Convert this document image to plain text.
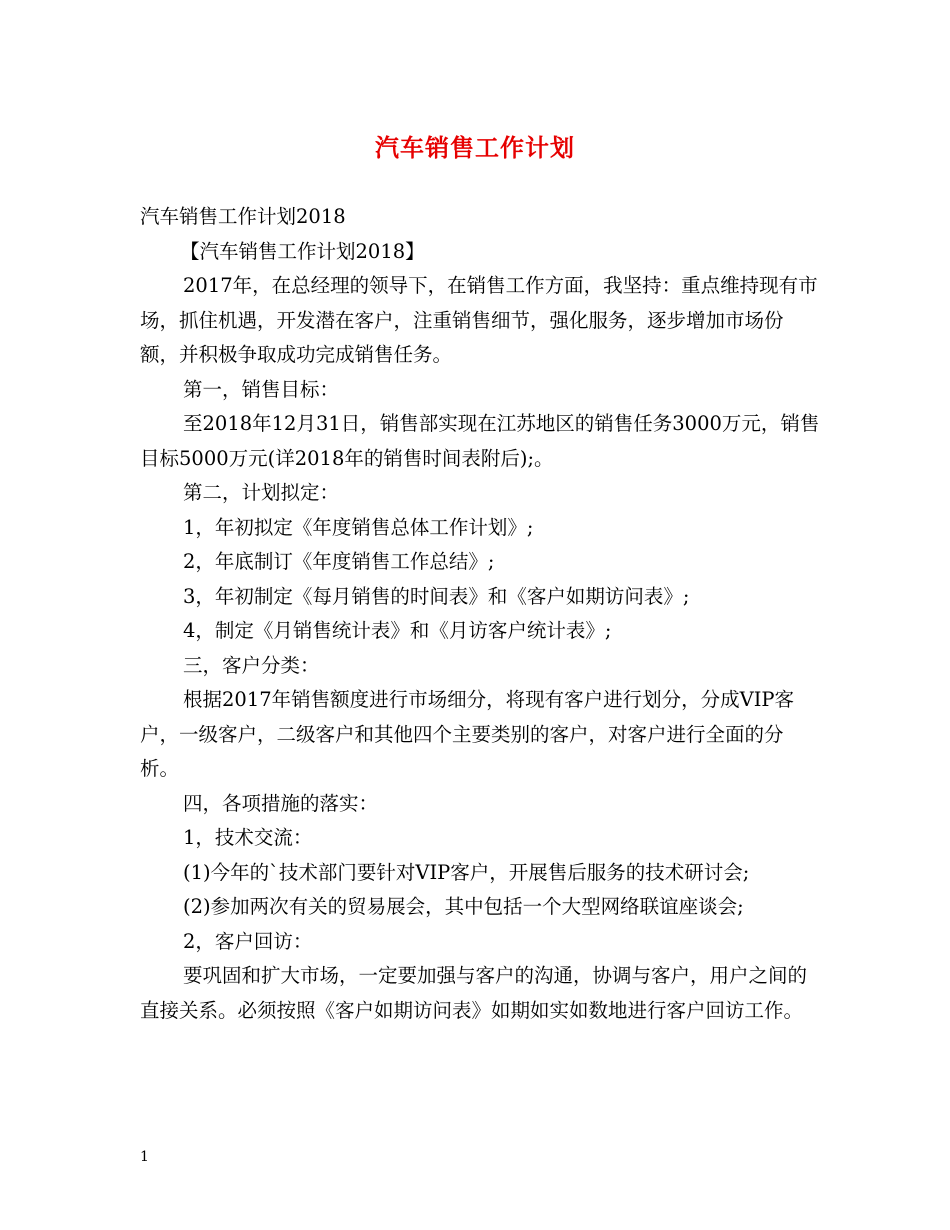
汽车销售工作计划

汽车销售工作计划2018

【汽车销售工作计划2018】

2017年，在总经理的领导下，在销售工作方面，我坚持：重点维持现有市场，抓住机遇，开发潜在客户，注重销售细节，强化服务，逐步增加市场份额，并积极争取成功完成销售任务。

第一，销售目标：

至2018年12月31日，销售部实现在江苏地区的销售任务3000万元，销售目标5000万元(详2018年的销售时间表附后);。

第二，计划拟定：

1，年初拟定《年度销售总体工作计划》;

2，年底制订《年度销售工作总结》;

3，年初制定《每月销售的时间表》和《客户如期访问表》;

4，制定《月销售统计表》和《月访客户统计表》;

三，客户分类：

根据2017年销售额度进行市场细分，将现有客户进行划分，分成VIP客户，一级客户，二级客户和其他四个主要类别的客户，对客户进行全面的分析。

四，各项措施的落实：

1，技术交流：

(1)今年的`技术部门要针对VIP客户，开展售后服务的技术研讨会;

(2)参加两次有关的贸易展会，其中包括一个大型网络联谊座谈会;

2，客户回访：

要巩固和扩大市场，一定要加强与客户的沟通，协调与客户，用户之间的直接关系。必须按照《客户如期访问表》如期如实如数地进行客户回访工作。

1
